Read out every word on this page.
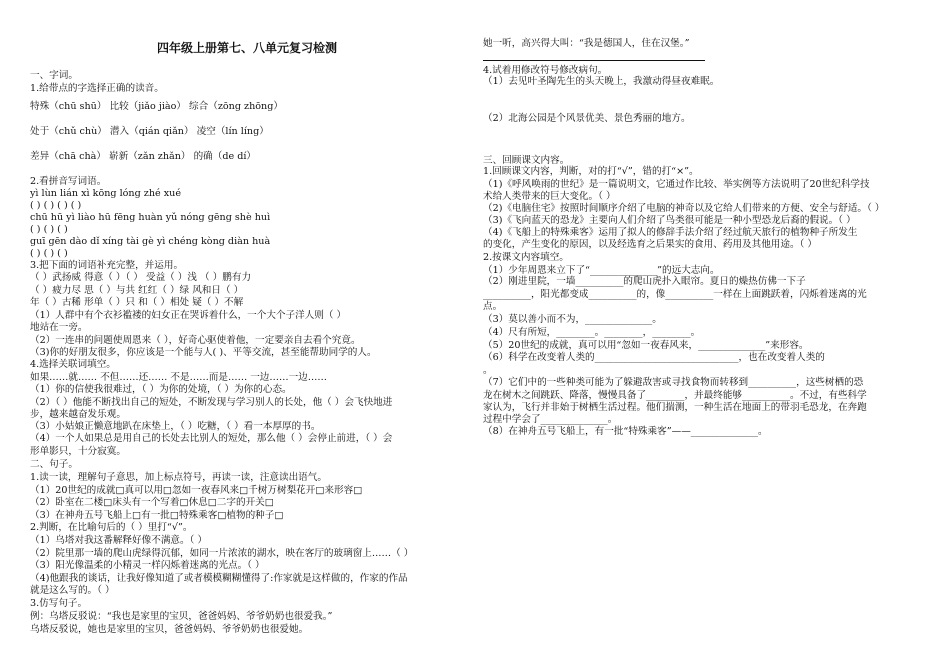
四年级上册第七、八单元复习检测
一、字词。
1.给带点的字选择正确的读音。
特殊（chū shū） 比较（jiǎo jiào） 综合（zōng zhōng）
处于（chǔ chù） 潜入（qián qiǎn） 凌空（lín líng）
差异（chā chà） 崭新（zǎn zhǎn） 的确（de dí）
2.看拼音写词语。
yì lùn lián xì kōng lóng zhé xué
( ) ( ) ( ) ( )
chū hū yì liào hū fēng huàn yǔ nóng gēng shè huì
( ) ( ) ( )
guī gēn dào dǐ xíng tài gè yì chéng kòng diàn huà
( ) ( ) ( )
3.把下面的词语补充完整，并运用。
（ ）武扬威 得意（ ）（ ） 受益（ ）浅 （ ）鹏有力
（ ）疲力尽 思（ ）与共 红红（ ）绿 风和日（ ）
年（ ）古稀 形单（ ）只 和（ ）相处 疑（ ）不解
（1）人群中有个衣衫褴褛的妇女正在哭诉着什么，一个大个子洋人则（ ）
地站在一旁。
（2）一连串的问题使周恩来（ ），好奇心驱使着他，一定要亲自去看个究竟。
（3)你的好朋友很多，你应该是一个能与人( )、平等交流，甚至能帮助同学的人。
4.选择关联词填空。
如果……就…… 不但……还…… 不是……而是…… 一边……一边……
（1）你的信使我很难过，（ ）为你的处境，（ ）为你的心态。
（2）（ ）他能不断找出自己的短处，不断发现与学习别人的长处，他（ ）会飞快地进
步，越来越奋发乐观。
（3）小姑娘正懒意地趴在床垫上，（ ）吃糖，（ ）看一本厚厚的书。
（4）一个人如果总是用自己的长处去比别人的短处，那么他（ ）会停止前进，（ ）会
形单影只，十分寂寞。
二、句子。
1.读一读，理解句子意思，加上标点符号，再读一读，注意读出语气。
（1）20世纪的成就□真可以用□忽如一夜春风来□千树万树梨花开□来形容□
（2）卧室在二楼□床头有一个写着□休息□二字的开关□
（3）在神舟五号飞船上□有一批□特殊乘客□植物的种子□
2.判断，在比喻句后的（ ）里打“√”。
（1）乌塔对我这番解释好像不满意。（ ）
（2）院里那一墙的爬山虎绿得沉郁，如同一片浓浓的湖水，映在客厅的玻璃窗上……（ ）
（3）阳光像温柔的小精灵一样闪烁着迷离的光点。（ ）
（4)他跟我的谈话，让我好像知道了或者模模糊糊懂得了:作家就是这样做的，作家的作品
就是这么写的。（ ）
3.仿写句子。
例：乌塔反驳说：“我也是家里的宝贝，爸爸妈妈、爷爷奶奶也很爱我。”
乌塔反驳说，她也是家里的宝贝，爸爸妈妈、爷爷奶奶也很爱她。
她一听，高兴得大叫：“我是德国人，住在汉堡。”
4.试着用修改符号修改病句。
（1）去见叶圣陶先生的头天晚上，我激动得昼夜难眠。
（2）北海公园是个风景优美、景色秀丽的地方。
三、回顾课文内容。
1.回顾课文内容，判断，对的打“√”，错的打“×”。
（1)《呼风唤雨的世纪》是一篇说明文，它通过作比较、举实例等方法说明了20世纪科学技
术给人类带来的巨大变化。（ ）
（2)《电脑住宅》按照时间顺序介绍了电脑的神奇以及它给人们带来的方便、安全与舒适。（ ）
（3)《飞向蓝天的恐龙》主要向人们介绍了鸟类很可能是一种小型恐龙后裔的假说。（ ）
（4)《飞船上的特殊乘客》运用了拟人的修辞手法介绍了经过航天旅行的植物种子所发生
的变化，产生变化的原因，以及经选育之后果实的食用、药用及其他用途。（ ）
2.按课文内容填空。
（1）少年周恩来立下了“______________”的远大志向。
（2）刚进里院，一墙__________的爬山虎扑入眼帘。夏日的燥热仿佛一下子
__________，阳光都变成__________的，像__________一样在上面跳跃着，闪烁着迷离的光
点。
（3）莫以善小而不为，______________。
（4）尺有所短，________。________，________。
（5）20世纪的成就，真可以用“忽如一夜春风来，______________”来形容。
（6）科学在改变着人类的______________________________，也在改变着人类的
。
（7）它们中的一些种类可能为了躲避敌害或寻找食物而转移到__________，这些树栖的恐
龙在树木之间跳跃、降落，慢慢具备了________，并最终能够__________。不过，有些科学
家认为，飞行并非始于树栖生活过程。他们揣测，一种生活在地面上的带羽毛恐龙，在奔跑
过程中学会了______________。
（8）在神舟五号飞船上，有一批“特殊乘客”——______________。
